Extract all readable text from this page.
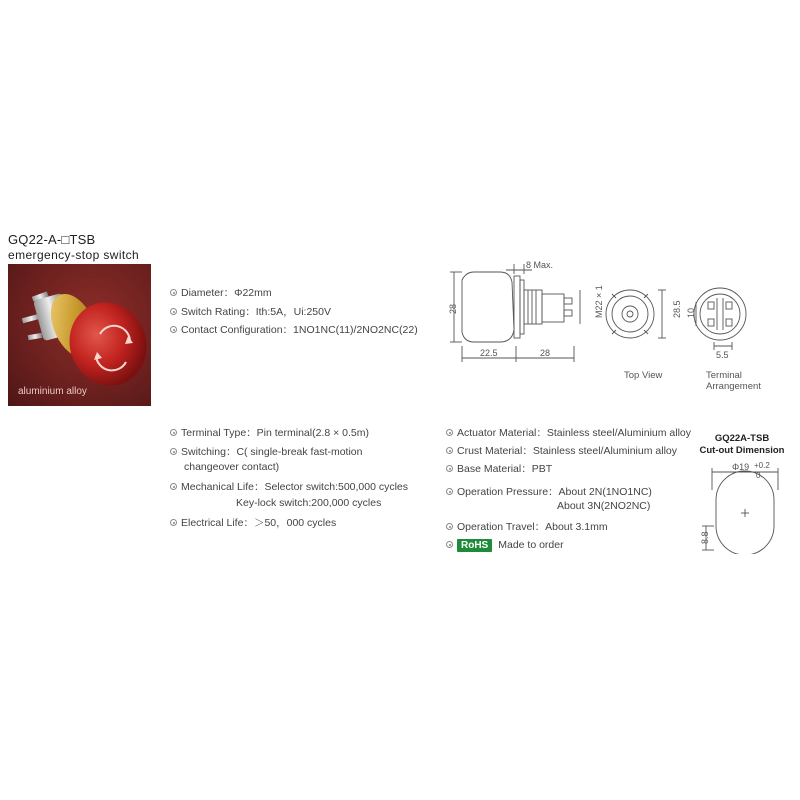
GQ22-A-□TSB
emergency-stop switch
aluminium alloy
Diameter：Φ22mm
Switch Rating：Ith:5A，Ui:250V
Contact Configuration：1NO1NC(11)/2NO2NC(22)
8 Max.
28
22.5	28
M22 × 1	28.5 10
5.5
Top View	Terminal
Arrangement
Terminal Type：Pin terminal(2.8 × 0.5m)
Switching：C( single-break fast-motion
changeover contact)
Mechanical Life：Selector switch:500,000 cycles
Key-lock switch:200,000 cycles
Electrical Life：＞50，000 cycles
Actuator Material：Stainless steel/Aluminium alloy
Crust Material：Stainless steel/Aluminium alloy
Base Material：PBT
Operation Pressure：About 2N(1NO1NC)
About 3N(2NO2NC)
Operation Travel：About 3.1mm
RoHS Made to order
GQ22A-TSB
Cut-out Dimension
Φ19 +0.2
0
8.8
